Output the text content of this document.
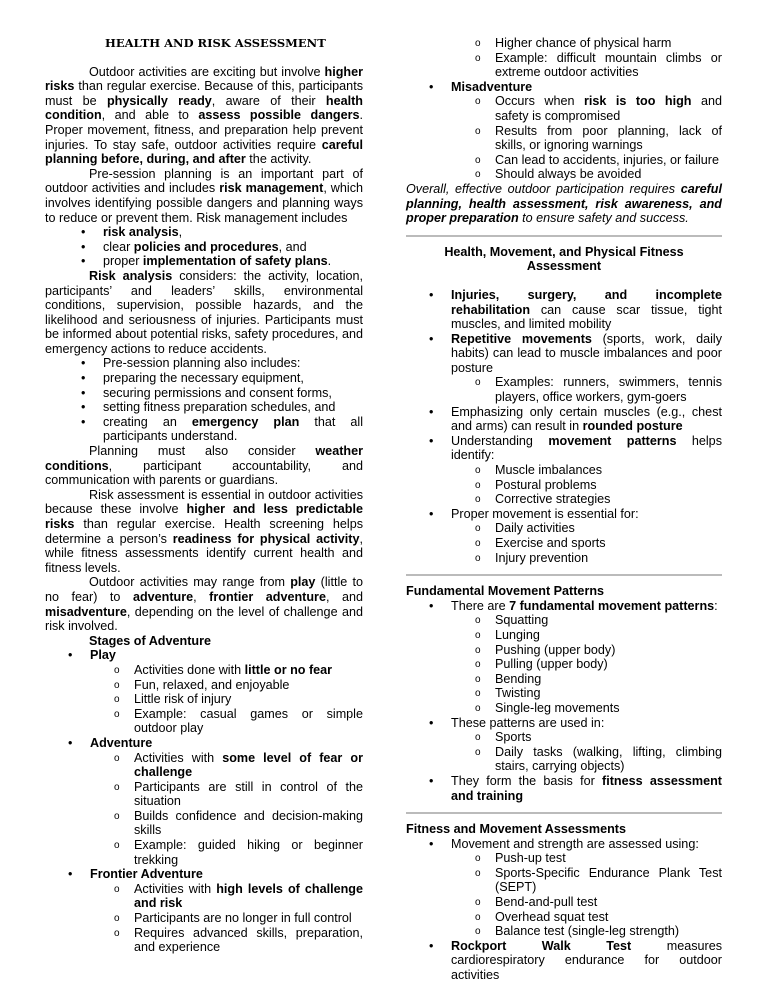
HEALTH AND RISK ASSESSMENT

Outdoor activities are exciting but involve higher risks than regular exercise. Because of this, participants must be physically ready, aware of their health condition, and able to assess possible dangers. Proper movement, fitness, and preparation help prevent injuries. To stay safe, outdoor activities require careful planning before, during, and after the activity.

Pre-session planning is an important part of outdoor activities and includes risk management, which involves identifying possible dangers and planning ways to reduce or prevent them. Risk management includes

• risk analysis,
• clear policies and procedures, and
• proper implementation of safety plans.

Risk analysis considers: the activity, location, participants’ and leaders’ skills, environmental conditions, supervision, possible hazards, and the likelihood and seriousness of injuries. Participants must be informed about potential risks, safety procedures, and emergency actions to reduce accidents.

• Pre-session planning also includes:
• preparing the necessary equipment,
• securing permissions and consent forms,
• setting fitness preparation schedules, and
• creating an emergency plan that all participants understand.

Planning must also consider weather conditions, participant accountability, and communication with parents or guardians.

Risk assessment is essential in outdoor activities because these involve higher and less predictable risks than regular exercise. Health screening helps determine a person’s readiness for physical activity, while fitness assessments identify current health and fitness levels.

Outdoor activities may range from play (little to no fear) to adventure, frontier adventure, and misadventure, depending on the level of challenge and risk involved.

Stages of Adventure

• Play
o Activities done with little or no fear
o Fun, relaxed, and enjoyable
o Little risk of injury
o Example: casual games or simple outdoor play
• Adventure
o Activities with some level of fear or challenge
o Participants are still in control of the situation
o Builds confidence and decision-making skills
o Example: guided hiking or beginner trekking
• Frontier Adventure
o Activities with high levels of challenge and risk
o Participants are no longer in full control
o Requires advanced skills, preparation, and experience
o Higher chance of physical harm
o Example: difficult mountain climbs or extreme outdoor activities
• Misadventure
o Occurs when risk is too high and safety is compromised
o Results from poor planning, lack of skills, or ignoring warnings
o Can lead to accidents, injuries, or failure
o Should always be avoided

Overall, effective outdoor participation requires careful planning, health assessment, risk awareness, and proper preparation to ensure safety and success.

Health, Movement, and Physical Fitness Assessment

• Injuries, surgery, and incomplete rehabilitation can cause scar tissue, tight muscles, and limited mobility
• Repetitive movements (sports, work, daily habits) can lead to muscle imbalances and poor posture
o Examples: runners, swimmers, tennis players, office workers, gym-goers
• Emphasizing only certain muscles (e.g., chest and arms) can result in rounded posture
• Understanding movement patterns helps identify:
o Muscle imbalances
o Postural problems
o Corrective strategies
• Proper movement is essential for:
o Daily activities
o Exercise and sports
o Injury prevention

Fundamental Movement Patterns

• There are 7 fundamental movement patterns:
o Squatting
o Lunging
o Pushing (upper body)
o Pulling (upper body)
o Bending
o Twisting
o Single-leg movements
• These patterns are used in:
o Sports
o Daily tasks (walking, lifting, climbing stairs, carrying objects)
• They form the basis for fitness assessment and training

Fitness and Movement Assessments

• Movement and strength are assessed using:
o Push-up test
o Sports-Specific Endurance Plank Test (SEPT)
o Bend-and-pull test
o Overhead squat test
o Balance test (single-leg strength)
• Rockport Walk Test measures cardiorespiratory endurance for outdoor activities
